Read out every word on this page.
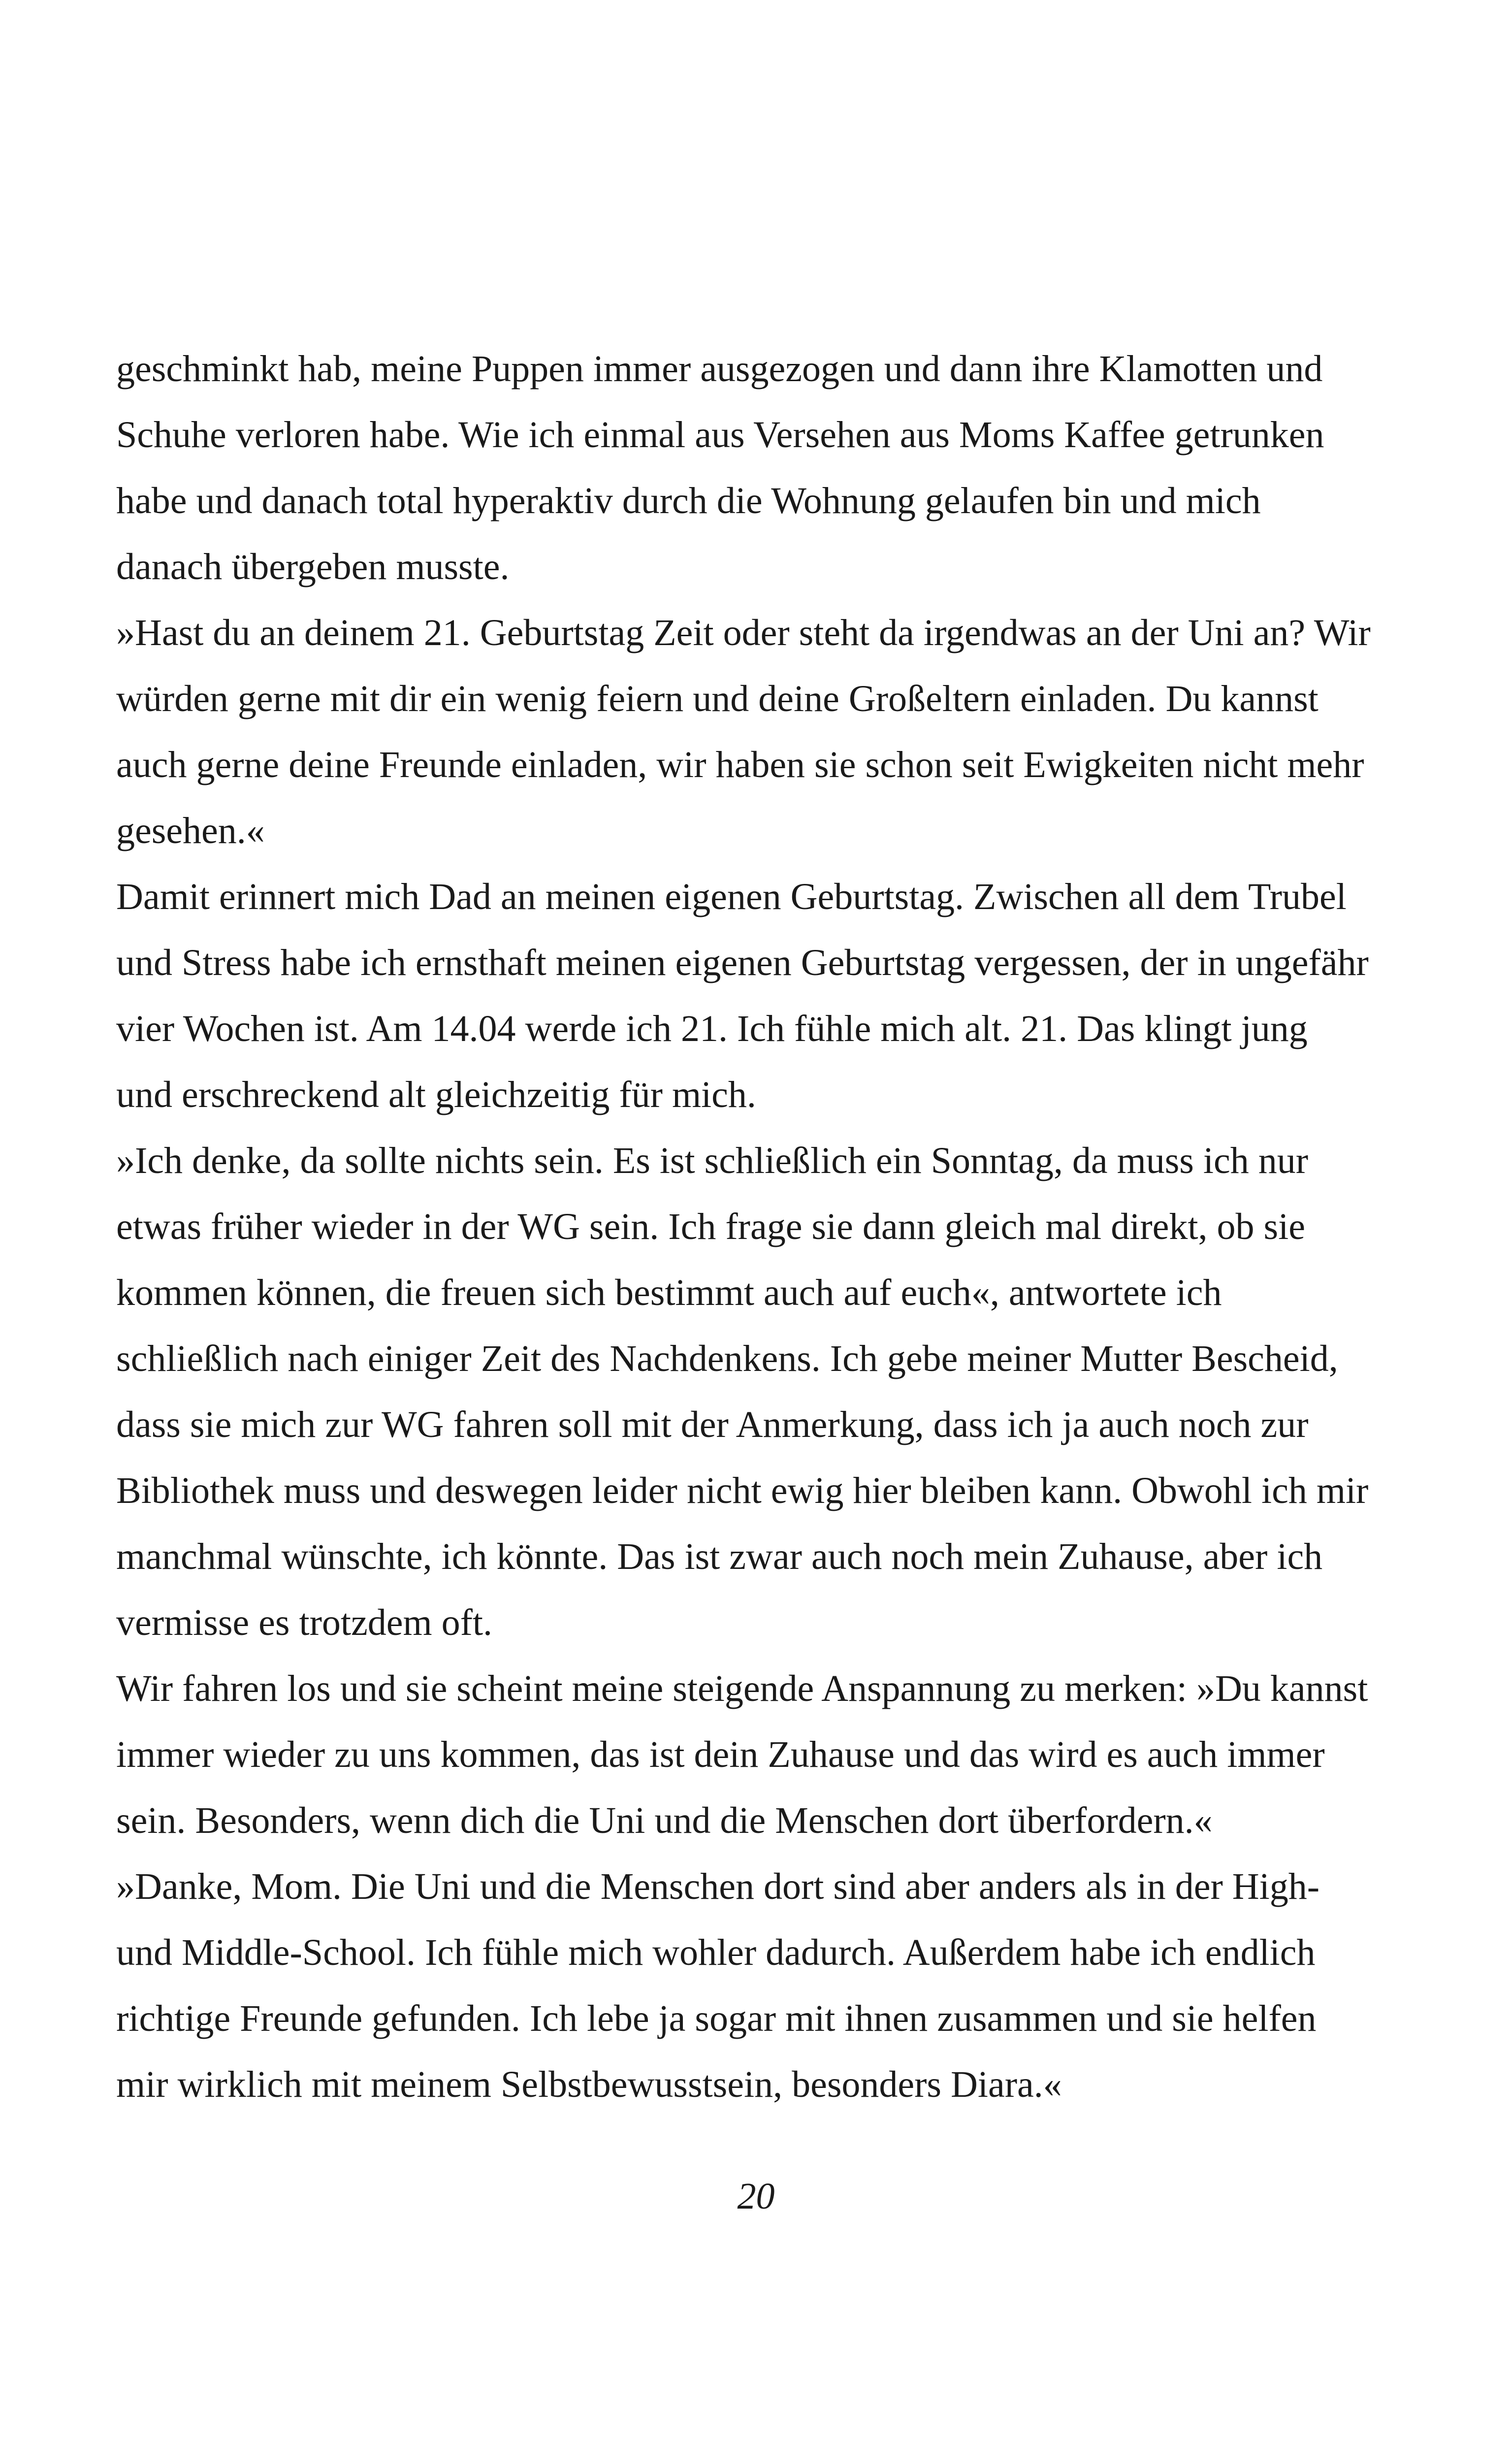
geschminkt hab, meine Puppen immer ausgezogen und dann ihre Klamotten und
Schuhe verloren habe. Wie ich einmal aus Versehen aus Moms Kaffee getrunken
habe und danach total hyperaktiv durch die Wohnung gelaufen bin und mich
danach übergeben musste.
»Hast du an deinem 21. Geburtstag Zeit oder steht da irgendwas an der Uni an? Wir
würden gerne mit dir ein wenig feiern und deine Großeltern einladen. Du kannst
auch gerne deine Freunde einladen, wir haben sie schon seit Ewigkeiten nicht mehr
gesehen.«
Damit erinnert mich Dad an meinen eigenen Geburtstag. Zwischen all dem Trubel
und Stress habe ich ernsthaft meinen eigenen Geburtstag vergessen, der in ungefähr
vier Wochen ist. Am 14.04 werde ich 21. Ich fühle mich alt. 21. Das klingt jung
und erschreckend alt gleichzeitig für mich.
»Ich denke, da sollte nichts sein. Es ist schließlich ein Sonntag, da muss ich nur
etwas früher wieder in der WG sein. Ich frage sie dann gleich mal direkt, ob sie
kommen können, die freuen sich bestimmt auch auf euch«, antwortete ich
schließlich nach einiger Zeit des Nachdenkens. Ich gebe meiner Mutter Bescheid,
dass sie mich zur WG fahren soll mit der Anmerkung, dass ich ja auch noch zur
Bibliothek muss und deswegen leider nicht ewig hier bleiben kann. Obwohl ich mir
manchmal wünschte, ich könnte. Das ist zwar auch noch mein Zuhause, aber ich
vermisse es trotzdem oft.
Wir fahren los und sie scheint meine steigende Anspannung zu merken: »Du kannst
immer wieder zu uns kommen, das ist dein Zuhause und das wird es auch immer
sein. Besonders, wenn dich die Uni und die Menschen dort überfordern.«
»Danke, Mom. Die Uni und die Menschen dort sind aber anders als in der High-
und Middle-School. Ich fühle mich wohler dadurch. Außerdem habe ich endlich
richtige Freunde gefunden. Ich lebe ja sogar mit ihnen zusammen und sie helfen
mir wirklich mit meinem Selbstbewusstsein, besonders Diara.«
20
